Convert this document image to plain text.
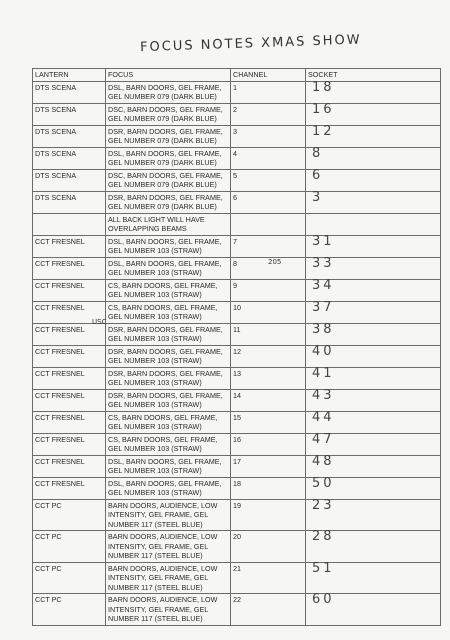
FOCUS NOTES XMAS SHOW
LANTERN	FOCUS	CHANNEL	SOCKET
DTS SCENA	DSL, BARN DOORS, GEL FRAME, GEL NUMBER 079 (DARK BLUE)	1	18
DTS SCENA	DSC, BARN DOORS, GEL FRAME, GEL NUMBER 079 (DARK BLUE)	2	16
DTS SCENA	DSR, BARN DOORS, GEL FRAME, GEL NUMBER 079 (DARK BLUE)	3	12
DTS SCENA	DSL, BARN DOORS, GEL FRAME, GEL NUMBER 079 (DARK BLUE)	4	8
DTS SCENA	DSC, BARN DOORS, GEL FRAME, GEL NUMBER 079 (DARK BLUE)	5	6
DTS SCENA	DSR, BARN DOORS, GEL FRAME, GEL NUMBER 079 (DARK BLUE)	6	3
	ALL BACK LIGHT WILL HAVE OVERLAPPING BEAMS		
CCT FRESNEL	DSL, BARN DOORS, GEL FRAME, GEL NUMBER 103 (STRAW)	7	31
CCT FRESNEL	DSL, BARN DOORS, GEL FRAME, GEL NUMBER 103 (STRAW)	8	33
CCT FRESNEL	CS, BARN DOORS, GEL FRAME, GEL NUMBER 103 (STRAW)	9	34
CCT FRESNEL	CS, BARN DOORS, GEL FRAME, GEL NUMBER 103 (STRAW)	10	37
CCT FRESNEL	DSR, BARN DOORS, GEL FRAME, GEL NUMBER 103 (STRAW)	11	38
CCT FRESNEL	DSR, BARN DOORS, GEL FRAME, GEL NUMBER 103 (STRAW)	12	40
CCT FRESNEL	DSR, BARN DOORS, GEL FRAME, GEL NUMBER 103 (STRAW)	13	41
CCT FRESNEL	DSR, BARN DOORS, GEL FRAME, GEL NUMBER 103 (STRAW)	14	43
CCT FRESNEL	CS, BARN DOORS, GEL FRAME, GEL NUMBER 103 (STRAW)	15	44
CCT FRESNEL	CS, BARN DOORS, GEL FRAME, GEL NUMBER 103 (STRAW)	16	47
CCT FRESNEL	DSL, BARN DOORS, GEL FRAME, GEL NUMBER 103 (STRAW)	17	48
CCT FRESNEL	DSL, BARN DOORS, GEL FRAME, GEL NUMBER 103 (STRAW)	18	50
CCT PC	BARN DOORS, AUDIENCE, LOW INTENSITY, GEL FRAME, GEL NUMBER 117 (STEEL BLUE)	19	23
CCT PC	BARN DOORS, AUDIENCE, LOW INTENSITY, GEL FRAME, GEL NUMBER 117 (STEEL BLUE)	20	28
CCT PC	BARN DOORS, AUDIENCE, LOW INTENSITY, GEL FRAME, GEL NUMBER 117 (STEEL BLUE)	21	51
CCT PC	BARN DOORS, AUDIENCE, LOW INTENSITY, GEL FRAME, GEL NUMBER 117 (STEEL BLUE)	22	60
USC
205
